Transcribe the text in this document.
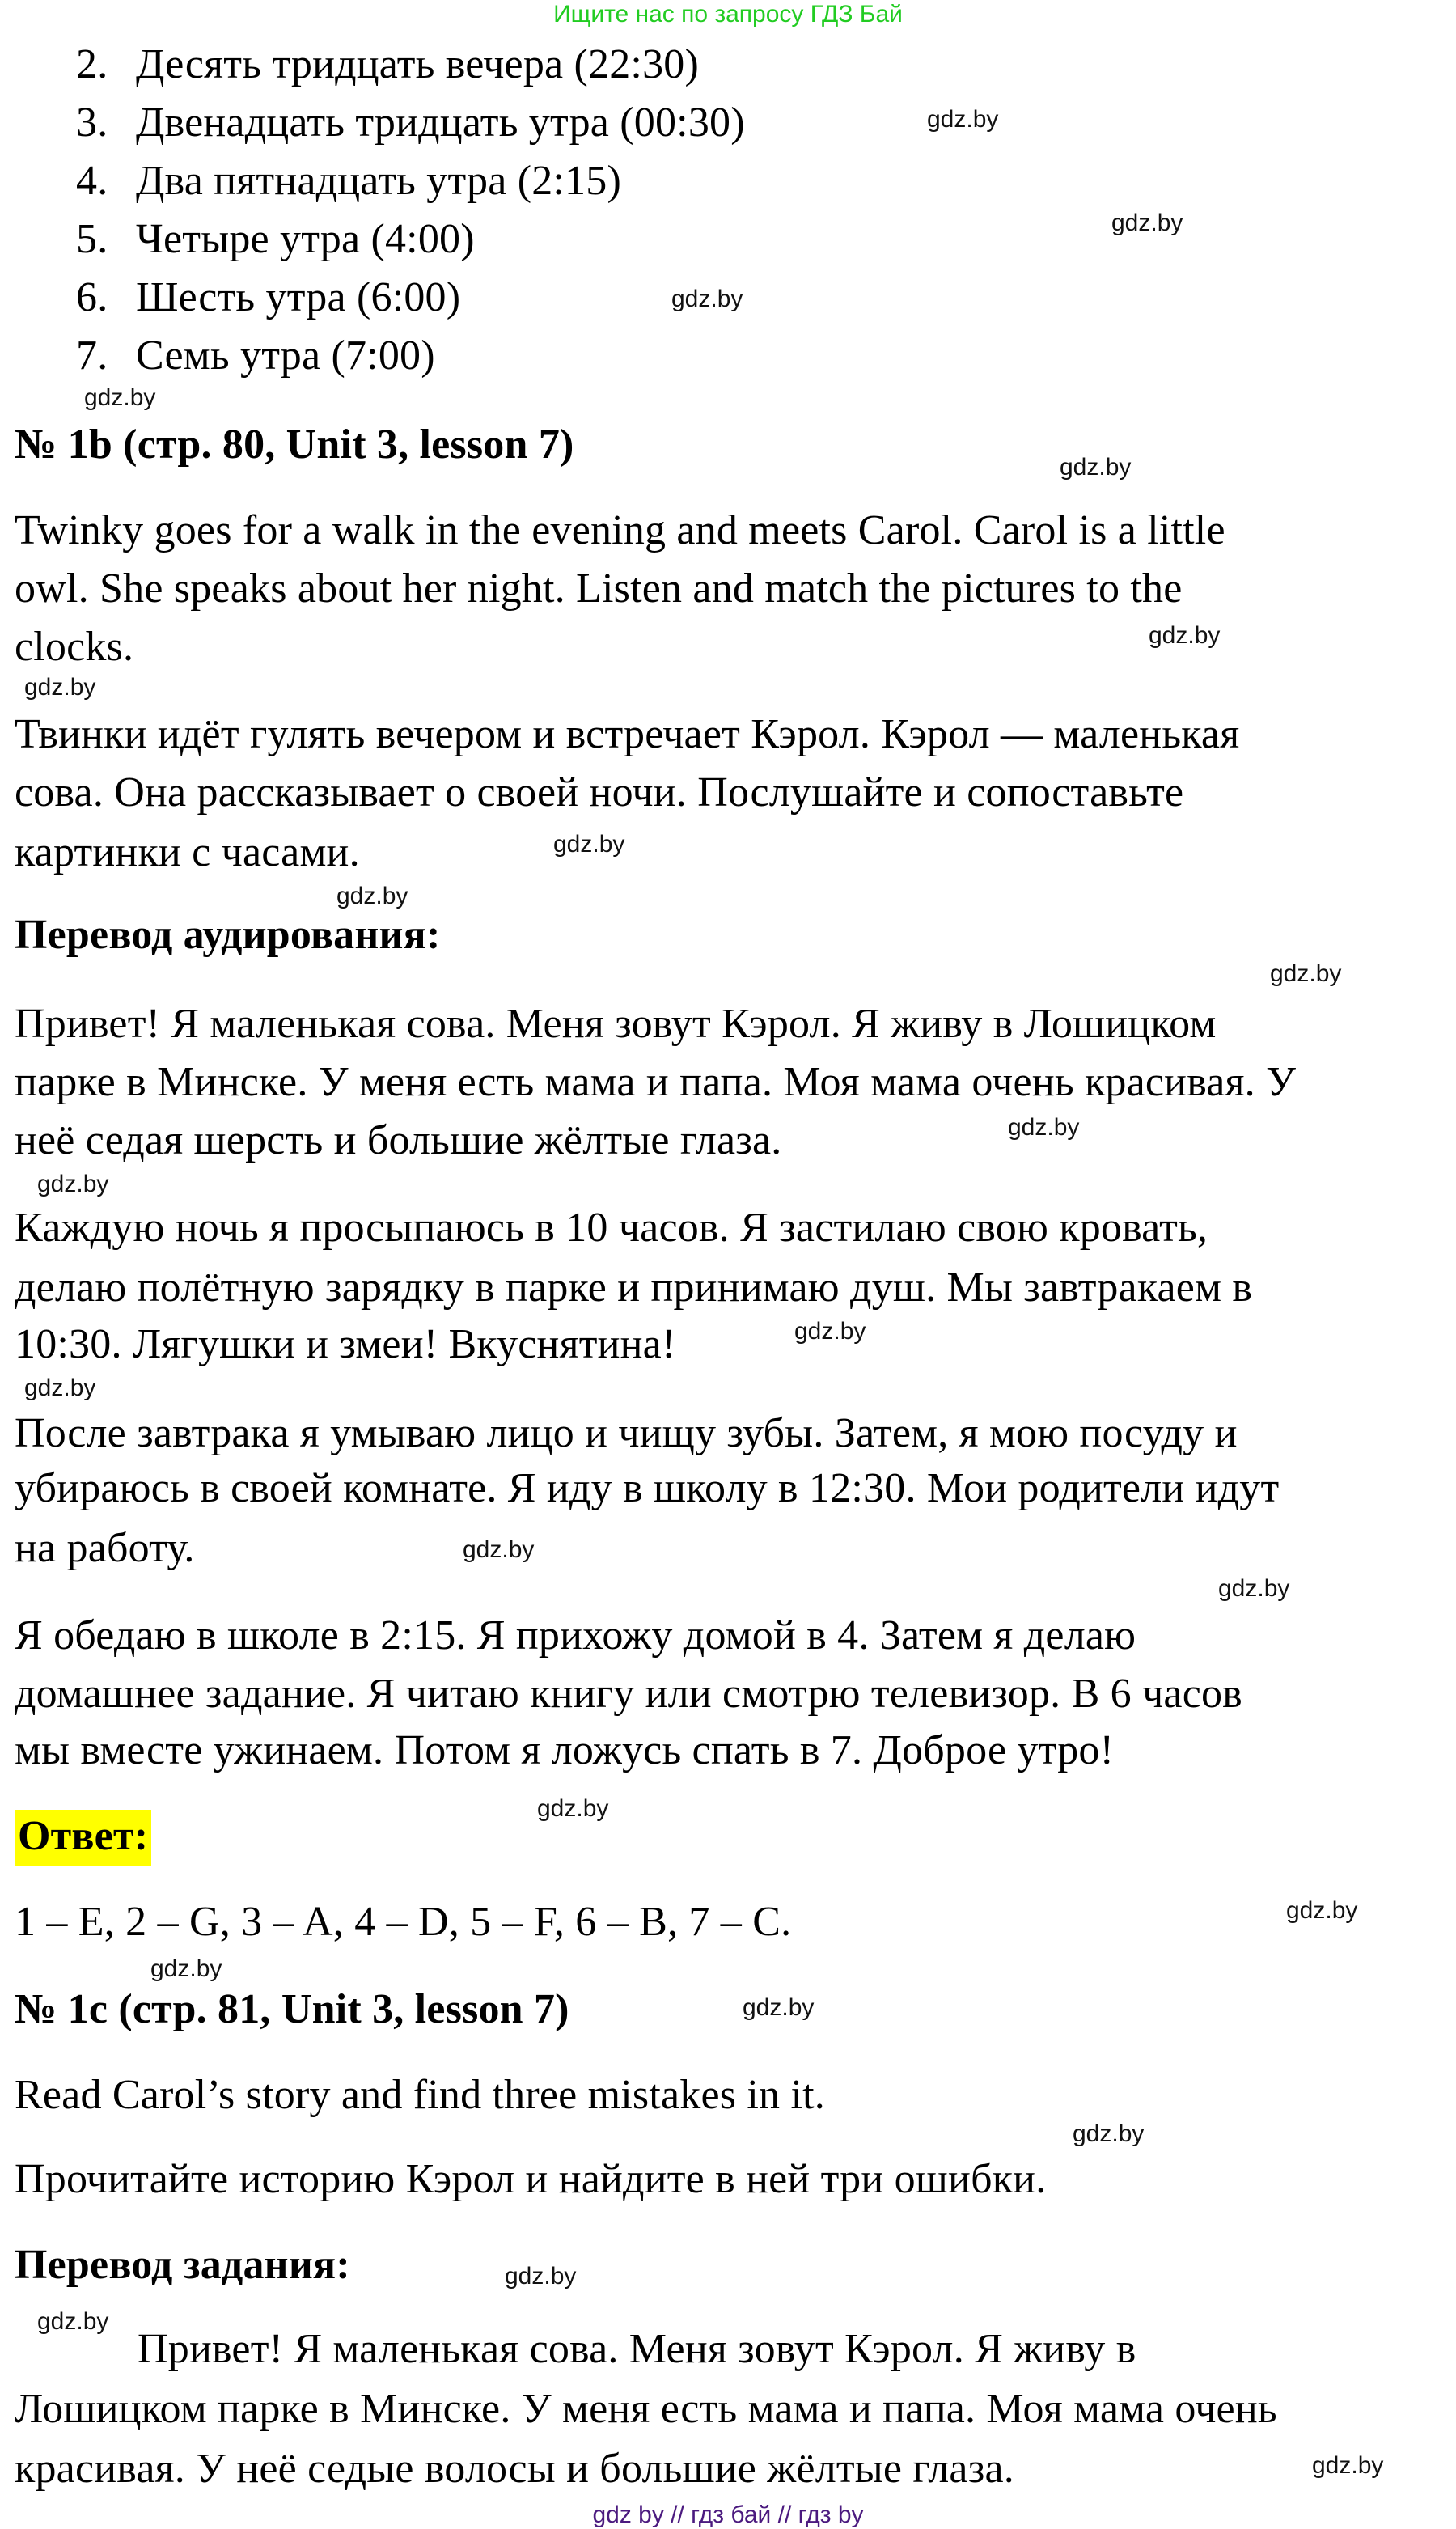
Ищите нас по запросу ГДЗ Бай
2. Десять тридцать вечера (22:30)
3. Двенадцать тридцать утра (00:30)
4. Два пятнадцать утра (2:15)
5. Четыре утра (4:00)
6. Шесть утра (6:00)
7. Семь утра (7:00)
№ 1b (стр. 80, Unit 3, lesson 7)
Twinky goes for a walk in the evening and meets Carol. Carol is a little
owl. She speaks about her night. Listen and match the pictures to the
clocks.
Твинки идёт гулять вечером и встречает Кэрол. Кэрол — маленькая
сова. Она рассказывает о своей ночи. Послушайте и сопоставьте
картинки с часами.
Перевод аудирования:
Привет! Я маленькая сова. Меня зовут Кэрол. Я живу в Лошицком
парке в Минске. У меня есть мама и папа. Моя мама очень красивая. У
неё седая шерсть и большие жёлтые глаза.
Каждую ночь я просыпаюсь в 10 часов. Я застилаю свою кровать,
делаю полётную зарядку в парке и принимаю душ. Мы завтракаем в
10:30. Лягушки и змеи! Вкуснятина!
После завтрака я умываю лицо и чищу зубы. Затем, я мою посуду и
убираюсь в своей комнате. Я иду в школу в 12:30. Мои родители идут
на работу.
Я обедаю в школе в 2:15. Я прихожу домой в 4. Затем я делаю
домашнее задание. Я читаю книгу или смотрю телевизор. В 6 часов
мы вместе ужинаем. Потом я ложусь спать в 7. Доброе утро!
Ответ:
1 – E, 2 – G, 3 – A, 4 – D, 5 – F, 6 – B, 7 – C.
№ 1c (стр. 81, Unit 3, lesson 7)
Read Carol’s story and find three mistakes in it.
Прочитайте историю Кэрол и найдите в ней три ошибки.
Перевод задания:
Привет! Я маленькая сова. Меня зовут Кэрол. Я живу в
Лошицком парке в Минске. У меня есть мама и папа. Моя мама очень
красивая. У неё седые волосы и большие жёлтые глаза.
gdz.by
gdz.by
gdz.by
gdz.by
gdz.by
gdz.by
gdz.by
gdz.by
gdz.by
gdz.by
gdz.by
gdz.by
gdz.by
gdz.by
gdz.by
gdz.by
gdz.by
gdz.by
gdz.by
gdz.by
gdz.by
gdz.by
gdz.by
gdz.by
gdz by // гдз бай // гдз by
